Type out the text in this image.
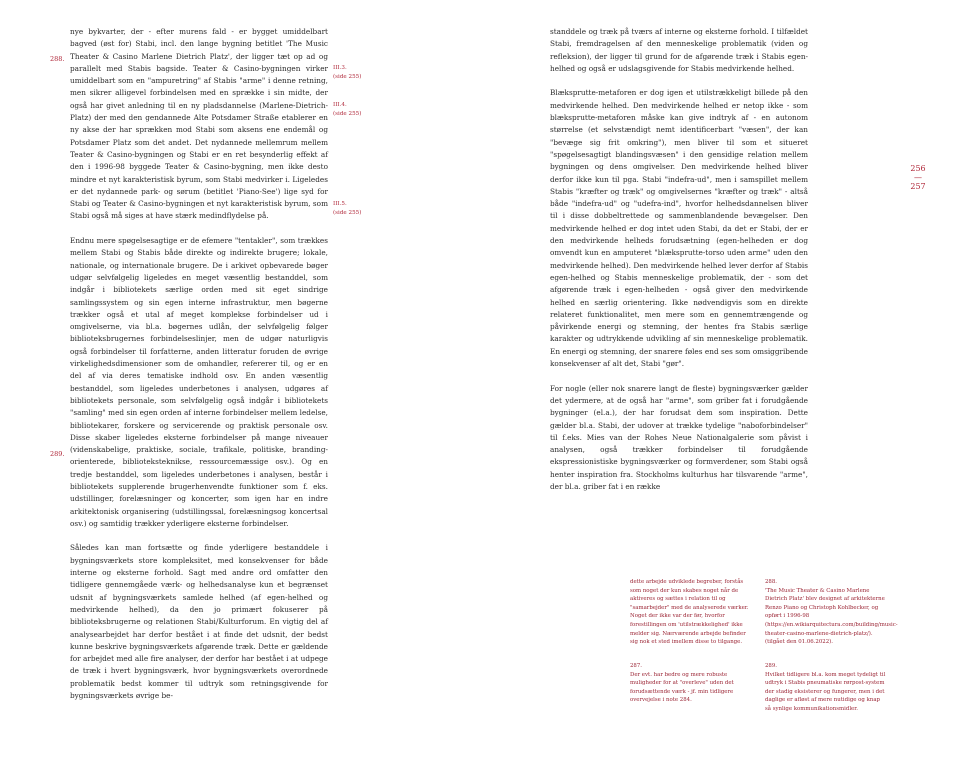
nye bykvarter, der - efter murens fald - er bygget umiddelbart bagved (øst for) Stabi, incl. den lange bygning betitlet 'The Music Theater & Casino Marlene Dietrich Platz', der ligger tæt op ad og parallelt med Stabis bagside. Teater & Casino-bygningen virker umiddelbart som en "ampuretring" af Stabis "arme" i denne retning, men sikrer alligevel forbindelsen med en sprække i sin midte, der også har givet anledning til en ny pladsdannelse (Marlene-Dietrich-Platz) der med den gendannede Alte Potsdamer Straße etablerer en ny akse der har sprækken mod Stabi som aksens ene endemål og Potsdamer Platz som det andet. Det nydannede mellemrum mellem Teater & Casino-bygningen og Stabi er en ret besynderlig effekt af den i 1996-98 byggede Teater & Casino-bygning, men ikke desto mindre et nyt karakteristisk byrum, som Stabi medvirker i. Ligeledes er det nydannede park- og sørum (betitlet 'Piano-See') lige syd for Stabi og Teater & Casino-bygningen et nyt karakteristisk byrum, som Stabi også må siges at have stærk medindflydelse på.

Endnu mere spøgelsesagtige er de efemere "tentakler", som trækkes mellem Stabi og Stabis både direkte og indirekte brugere; lokale, nationale, og internationale brugere. De i arkivet opbevarede bøger udgør selvfølgelig ligeledes en meget væsentlig bestanddel, som indgår i bibliotekets særlige orden med sit eget sindrige samlingssystem og sin egen interne infrastruktur, men bøgerne trækker også et utal af meget komplekse forbindelser ud i omgivelserne, via bl.a. bøgernes udlån, der selvfølgelig følger biblioteksbrugernes forbindelseslinjer, men de udgør naturligvis også forbindelser til forfatterne, anden litteratur foruden de øvrige virkelighedsdimensioner som de omhandler, refererer til, og er en del af via deres tematiske indhold osv. En anden væsentlig bestanddel, som ligeledes underbetones i analysen, udgøres af bibliotekets personale, som selvfølgelig også indgår i bibliotekets "samling" med sin egen orden af interne forbindelser mellem ledelse, bibliotekarer, forskere og servicerende og praktisk personale osv. Disse skaber ligeledes eksterne forbindelser på mange niveauer (videnskabelige, praktiske, sociale, trafikale, politiske, branding-orienterede, biblioteksteknikse, ressourcemæssige osv.). Og en tredje bestanddel, som ligeledes underbetones i analysen, består i bibliotekets supplerende brugerhenvendte funktioner som f. eks. udstillinger, forelæsninger og koncerter, som igen har en indre arkitektonisk organisering (udstillingssal, forelæsningsog koncertsal osv.) og samtidig trækker yderligere eksterne forbindelser.

Således kan man fortsætte og finde yderligere bestanddele i bygningsværkets store kompleksitet, med konsekvenser for både interne og eksterne forhold. Sagt med andre ord omfatter den tidligere gennemgåede værk- og helhedsanalyse kun et begrænset udsnit af bygningsværkets samlede helhed (af egen-helhed og medvirkende helhed), da den jo primært fokuserer på biblioteksbrugerne og relationen Stabi/Kulturforum. En vigtig del af analysearbejdet har derfor bestået i at finde det udsnit, der bedst kunne beskrive bygningsværkets afgørende træk. Dette er gældende for arbejdet med alle fire analyser, der derfor har bestået i at udpege de træk i hvert bygningsværk, hvor bygningsværkets overordnede problematik bedst kommer til udtryk som retningsgivende for bygningsværkets øvrige be-

288.
289.
III.3.
(side 255)
III.4.
(side 255)
III.5.
(side 255)

standdele og træk på tværs af interne og eksterne forhold. I tilfældet Stabi, fremdragelsen af den menneskelige problematik (viden og refleksion), der ligger til grund for de afgørende træk i Stabis egen-helhed og også er udslagsgivende for Stabis medvirkende helhed.

Blæksprutte-metaforen er dog igen et utilstrækkeligt billede på den medvirkende helhed. Den medvirkende helhed er netop ikke - som blæksprutte-metaforen måske kan give indtryk af - en autonom størrelse (et selvstændigt nemt identificerbart "væsen", der kan "bevæge sig frit omkring"), men bliver til som et situeret "spøgelsesagtigt blandingsvæsen" i den gensidige relation mellem bygningen og dens omgivelser. Den medvirkende helhed bliver derfor ikke kun til pga. Stabi "indefra-ud", men i samspillet mellem Stabis "kræfter og træk" og omgivelsernes "kræfter og træk" - altså både "indefra-ud" og "udefra-ind", hvorfor helhedsdannelsen bliver til i disse dobbeltrettede og sammenblandende bevægelser. Den medvirkende helhed er dog intet uden Stabi, da det er Stabi, der er den medvirkende helheds forudsætning (egen-helheden er dog omvendt kun en amputeret "blæksprutte-torso uden arme" uden den medvirkende helhed). Den medvirkende helhed lever derfor af Stabis egen-helhed og Stabis menneskelige problematik, der - som det afgørende træk i egen-helheden - også giver den medvirkende helhed en særlig orientering. Ikke nødvendigvis som en direkte relateret funktionalitet, men mere som en gennemtrængende og påvirkende energi og stemning, der hentes fra Stabis særlige karakter og udtrykkende udvikling af sin menneskelige problematik. En energi og stemning, der snarere føles end ses som omsiggribende konsekvenser af alt det, Stabi "gør".

For nogle (eller nok snarere langt de fleste) bygningsværker gælder det ydermere, at de også har "arme", som griber fat i forudgående bygninger (el.a.), der har forudsat dem som inspiration. Dette gælder bl.a. Stabi, der udover at trække tydelige "naboforbindelser" til f.eks. Mies van der Rohes Neue Nationalgalerie som påvist i analysen, også trækker forbindelser til forudgående ekspressionistiske bygningsværker og formverdener, som Stabi også henter inspiration fra. Stockholms kulturhus har tilsvarende "arme", der bl.a. griber fat i en række

256
—
257
dette arbejde udviklede begreber, forstås som noget der kun skabes noget når de aktiveres og sættes i relation til og "samarbejder" med de analyserede værker. Noget der ikke var der før, hvorfor forestillingen om 'utilstrækkelighed' ikke melder sig. Nærværende arbejde befinder sig nok et sted imellem disse to tilgange.
287.
Der evt. har bedre og mere robuste muligheder for at "overleve" uden det forudsættende værk - jf. min tidligere overvejelse i note 284.
288.
'The Music Theater & Casino Marlene Dietrich Platz' blev designet af arkitekterne Renzo Piano og Christoph Kohlbecker, og opført i 1996-98 (https://en.wikiarquitectura.com/building/music-theater-casino-marlene-dietrich-platz/). (tilgået den 01.06.2022).
289.
Hvilket tidligere bl.a. kom meget tydeligt til udtryk i Stabis pneumatiske rørpost-system der stadig eksisterer og fungerer, men i det daglige er afløst af mere nutidige og knap så synlige kommunikationsmidler.
